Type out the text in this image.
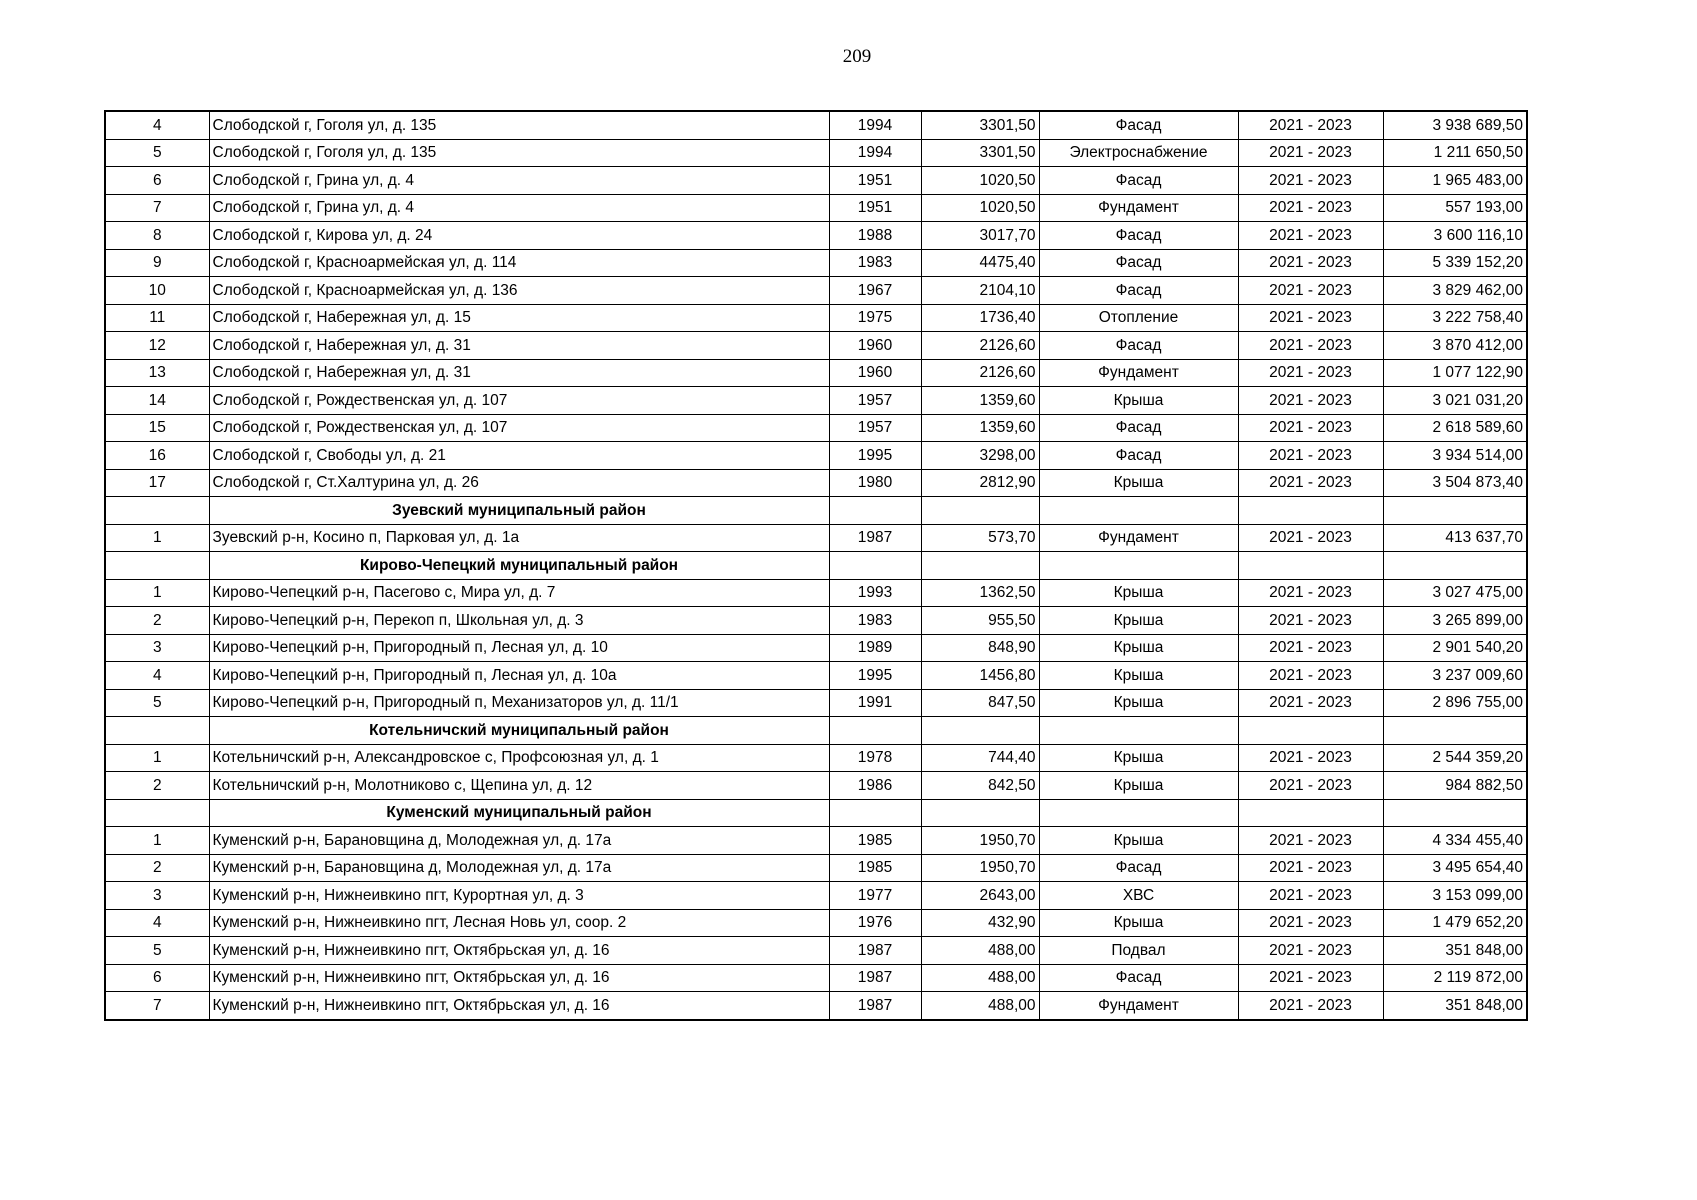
209
4	Слободской г, Гоголя ул, д. 135	1994	3301,50	Фасад	2021 - 2023	3 938 689,50
5	Слободской г, Гоголя ул, д. 135	1994	3301,50	Электроснабжение	2021 - 2023	1 211 650,50
6	Слободской г, Грина ул, д. 4	1951	1020,50	Фасад	2021 - 2023	1 965 483,00
7	Слободской г, Грина ул, д. 4	1951	1020,50	Фундамент	2021 - 2023	557 193,00
8	Слободской г, Кирова ул, д. 24	1988	3017,70	Фасад	2021 - 2023	3 600 116,10
9	Слободской г, Красноармейская ул, д. 114	1983	4475,40	Фасад	2021 - 2023	5 339 152,20
10	Слободской г, Красноармейская ул, д. 136	1967	2104,10	Фасад	2021 - 2023	3 829 462,00
11	Слободской г, Набережная ул, д. 15	1975	1736,40	Отопление	2021 - 2023	3 222 758,40
12	Слободской г, Набережная ул, д. 31	1960	2126,60	Фасад	2021 - 2023	3 870 412,00
13	Слободской г, Набережная ул, д. 31	1960	2126,60	Фундамент	2021 - 2023	1 077 122,90
14	Слободской г, Рождественская ул, д. 107	1957	1359,60	Крыша	2021 - 2023	3 021 031,20
15	Слободской г, Рождественская ул, д. 107	1957	1359,60	Фасад	2021 - 2023	2 618 589,60
16	Слободской г, Свободы ул, д. 21	1995	3298,00	Фасад	2021 - 2023	3 934 514,00
17	Слободской г, Ст.Халтурина ул, д. 26	1980	2812,90	Крыша	2021 - 2023	3 504 873,40
	Зуевский муниципальный район					
1	Зуевский р-н, Косино п, Парковая ул, д. 1а	1987	573,70	Фундамент	2021 - 2023	413 637,70
	Кирово-Чепецкий муниципальный район					
1	Кирово-Чепецкий р-н, Пасегово с, Мира ул, д. 7	1993	1362,50	Крыша	2021 - 2023	3 027 475,00
2	Кирово-Чепецкий р-н, Перекоп п, Школьная ул, д. 3	1983	955,50	Крыша	2021 - 2023	3 265 899,00
3	Кирово-Чепецкий р-н, Пригородный п, Лесная ул, д. 10	1989	848,90	Крыша	2021 - 2023	2 901 540,20
4	Кирово-Чепецкий р-н, Пригородный п, Лесная ул, д. 10а	1995	1456,80	Крыша	2021 - 2023	3 237 009,60
5	Кирово-Чепецкий р-н, Пригородный п, Механизаторов ул, д. 11/1	1991	847,50	Крыша	2021 - 2023	2 896 755,00
	Котельничский муниципальный район					
1	Котельничский р-н, Александровское с, Профсоюзная ул, д. 1	1978	744,40	Крыша	2021 - 2023	2 544 359,20
2	Котельничский р-н, Молотниково с, Щепина ул, д. 12	1986	842,50	Крыша	2021 - 2023	984 882,50
	Куменский муниципальный район					
1	Куменский р-н, Барановщина д, Молодежная ул, д. 17а	1985	1950,70	Крыша	2021 - 2023	4 334 455,40
2	Куменский р-н, Барановщина д, Молодежная ул, д. 17а	1985	1950,70	Фасад	2021 - 2023	3 495 654,40
3	Куменский р-н, Нижнеивкино пгт, Курортная ул, д. 3	1977	2643,00	ХВС	2021 - 2023	3 153 099,00
4	Куменский р-н, Нижнеивкино пгт, Лесная Новь ул, соор. 2	1976	432,90	Крыша	2021 - 2023	1 479 652,20
5	Куменский р-н, Нижнеивкино пгт, Октябрьская ул, д. 16	1987	488,00	Подвал	2021 - 2023	351 848,00
6	Куменский р-н, Нижнеивкино пгт, Октябрьская ул, д. 16	1987	488,00	Фасад	2021 - 2023	2 119 872,00
7	Куменский р-н, Нижнеивкино пгт, Октябрьская ул, д. 16	1987	488,00	Фундамент	2021 - 2023	351 848,00
